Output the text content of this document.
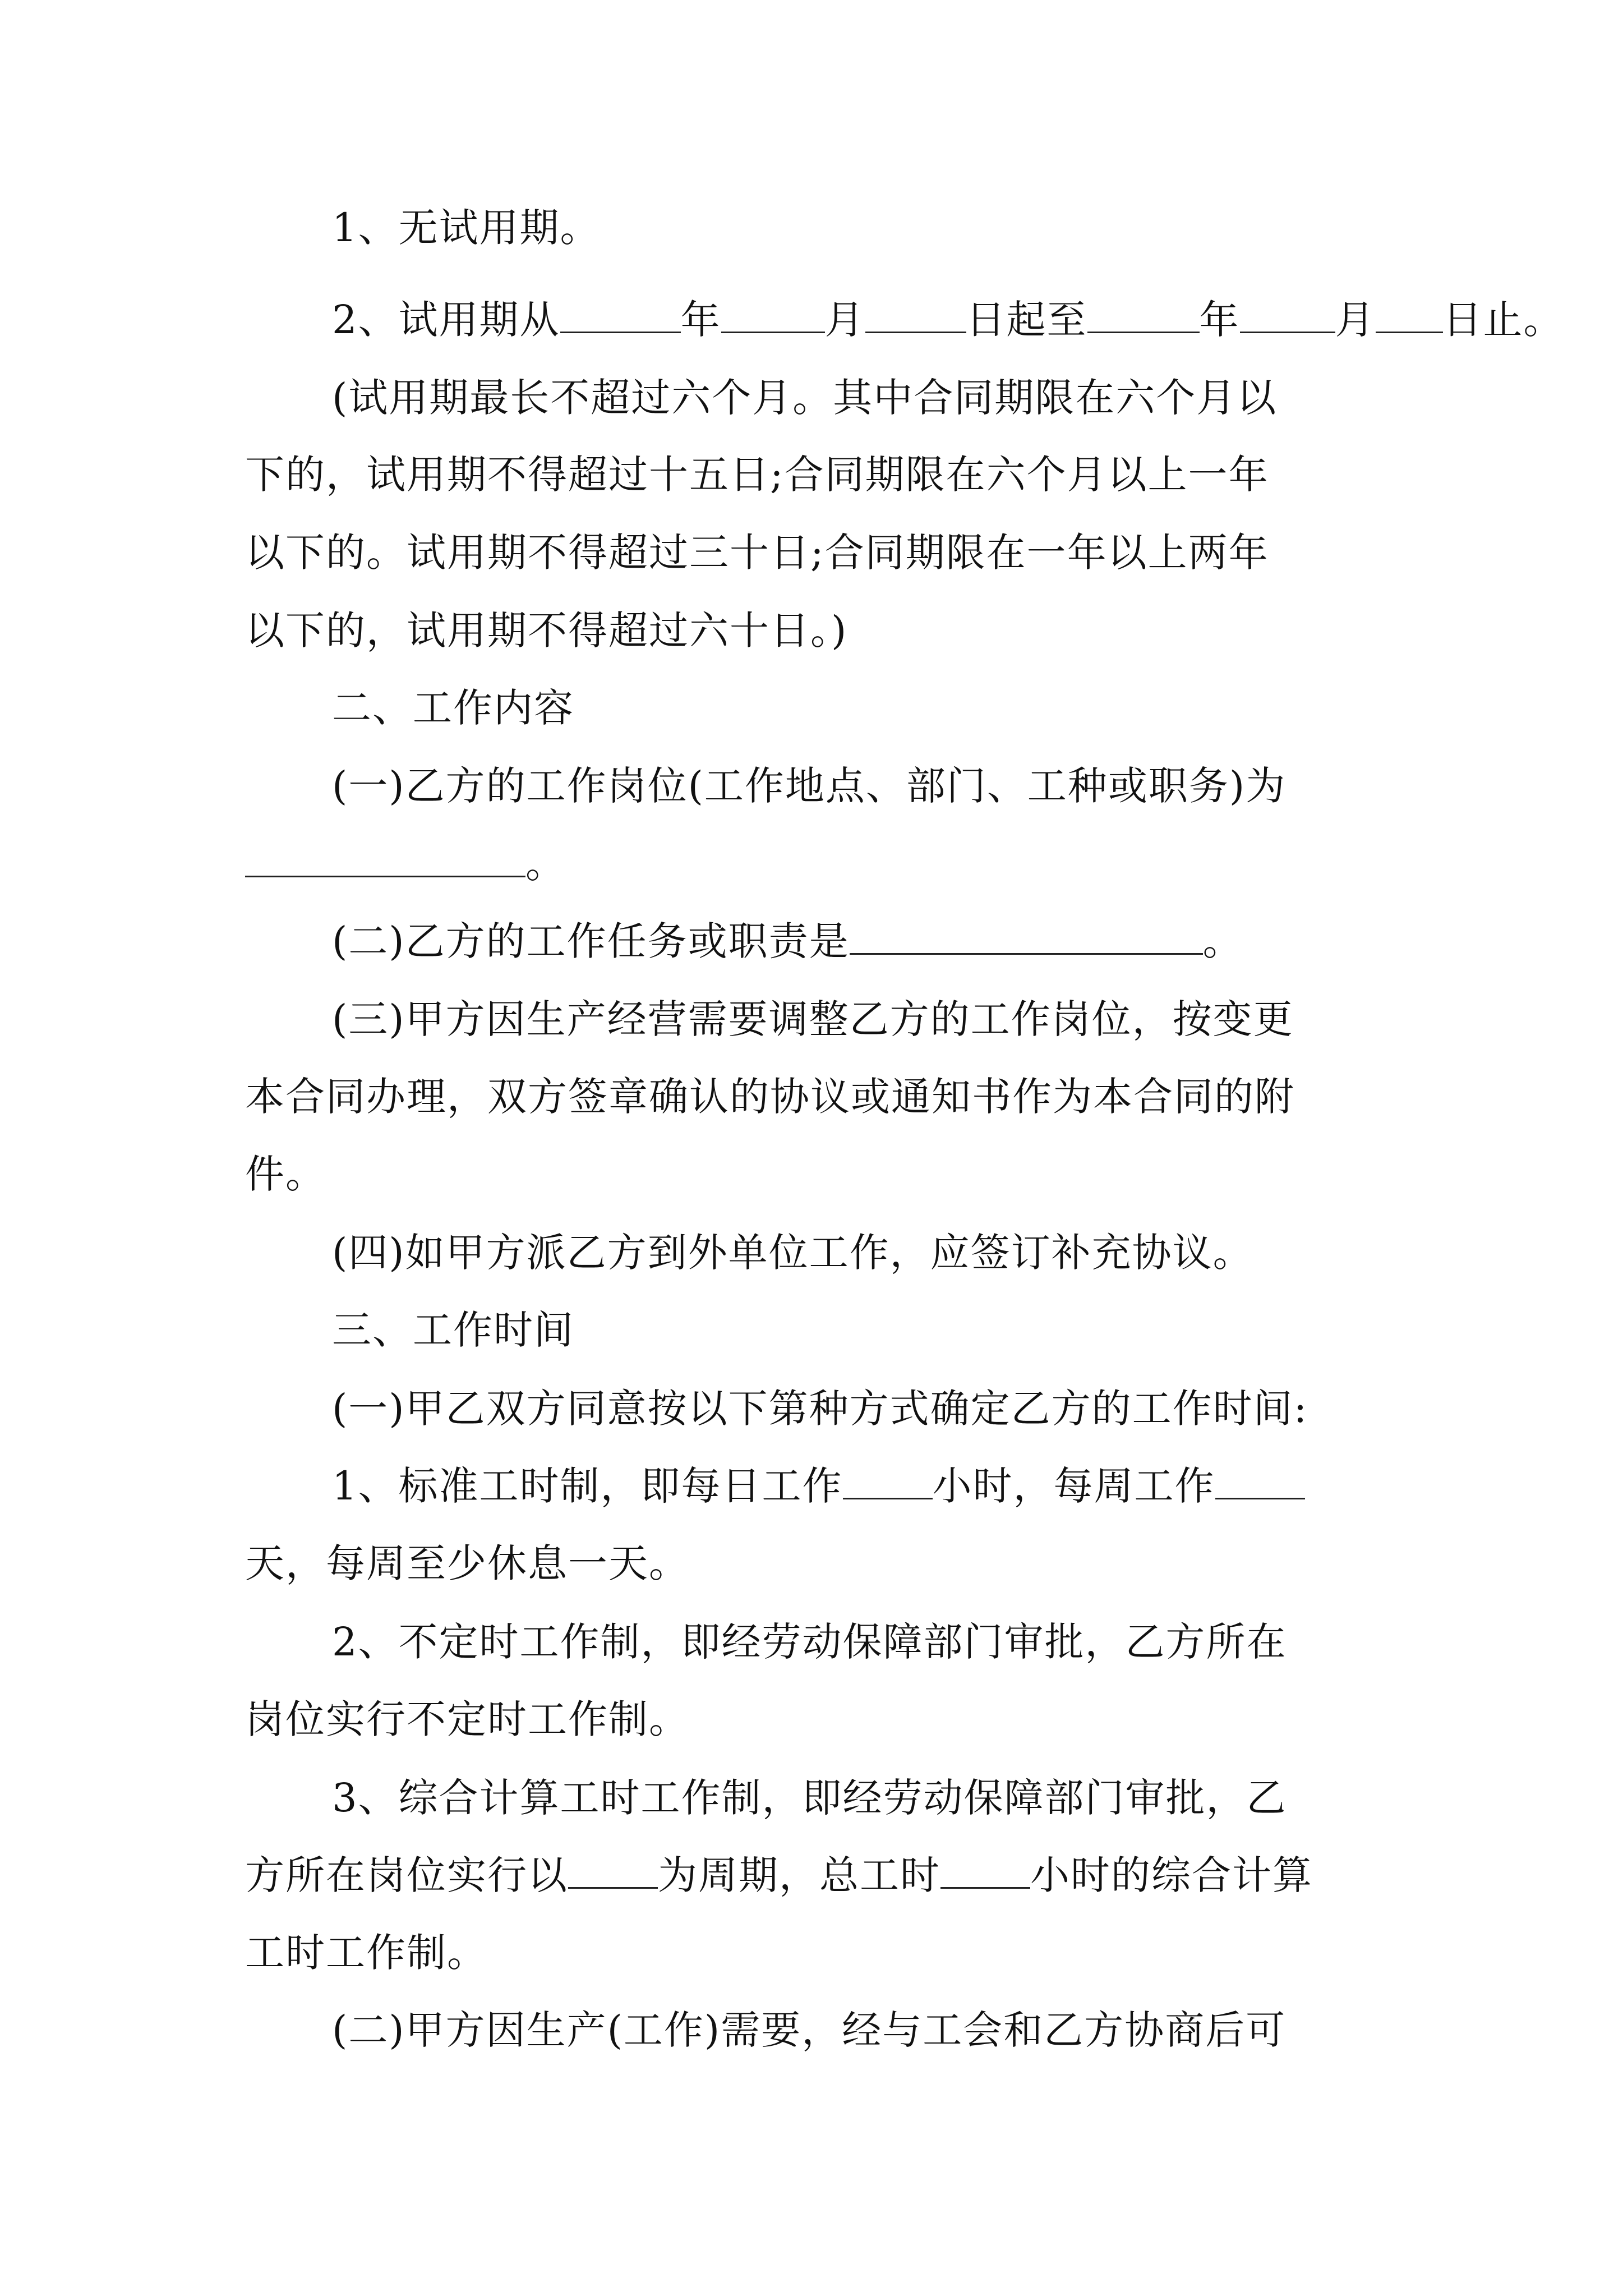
1、无试用期。
2、试用期从	年	月	日起至	年 月 日止。
(试用期最长不超过六个月。其中合同期限在六个月以
下的，试用期不得超过十五日;合同期限在六个月以上一年
以下的。试用期不得超过三十日;合同期限在一年以上两年
以下的，试用期不得超过六十日。)
二、工作内容
(一)乙方的工作岗位(工作地点、部门、工种或职务)为
。
(二)乙方的工作任务或职责是	。
(三)甲方因生产经营需要调整乙方的工作岗位，按变更
本合同办理，双方签章确认的协议或通知书作为本合同的附
件。
(四)如甲方派乙方到外单位工作，应签订补充协议。
三、工作时间
(一)甲乙双方同意按以下第种方式确定乙方的工作时间:
1、标准工时制，即每日工作 小时，每周工作
天，每周至少休息一天。
2、不定时工作制，即经劳动保障部门审批，乙方所在
岗位实行不定时工作制。
3、综合计算工时工作制，即经劳动保障部门审批，乙
方所在岗位实行以 为周期，总工时 小时的综合计算
工时工作制。
(二)甲方因生产(工作)需要，经与工会和乙方协商后可
